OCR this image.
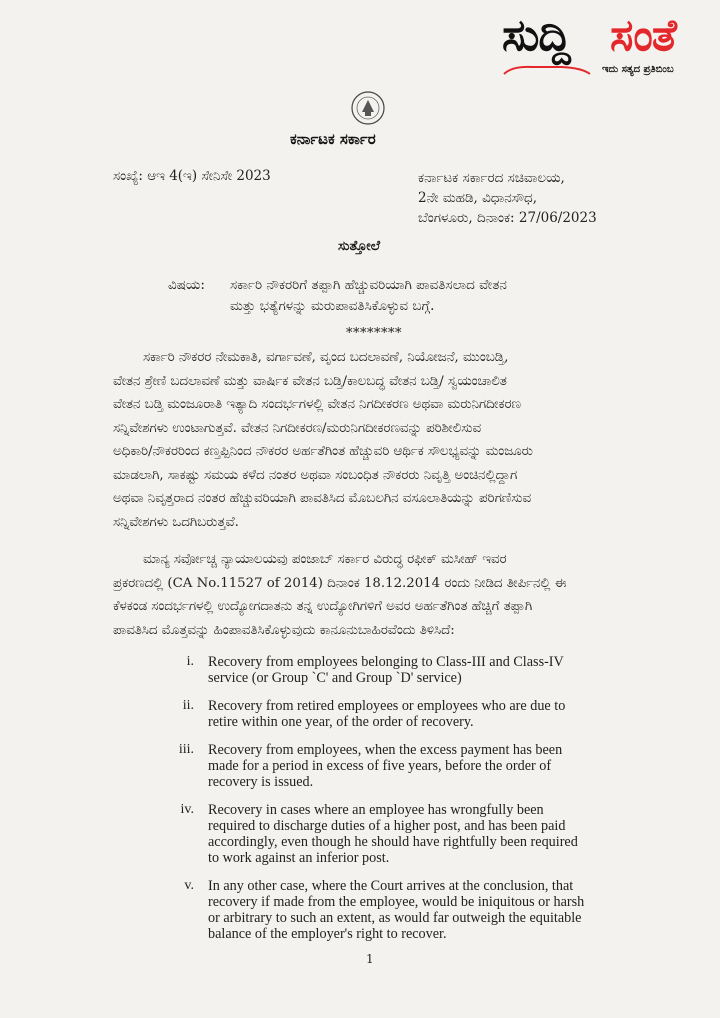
ಸುದ್ದಿ ಸಂತೆ
ಇದು ಸತ್ಯದ ಪ್ರತಿಬಿಂಬ
ಕರ್ನಾಟಕ ಸರ್ಕಾರ
ಸಂಖ್ಯೆ: ಆಇ 4(ಇ) ಸೇನಿಸೇ 2023	ಕರ್ನಾಟಕ ಸರ್ಕಾರದ ಸಚಿವಾಲಯ,
2ನೇ ಮಹಡಿ, ವಿಧಾನಸೌಧ,
ಬೆಂಗಳೂರು, ದಿನಾಂಕ: 27/06/2023
ಸುತ್ತೋಲೆ
ವಿಷಯ: ಸರ್ಕಾರಿ ನೌಕರರಿಗೆ ತಪ್ಪಾಗಿ ಹೆಚ್ಚುವರಿಯಾಗಿ ಪಾವತಿಸಲಾದ ವೇತನ
ಮತ್ತು ಭತ್ಯೆಗಳನ್ನು ಮರುಪಾವತಿಸಿಕೊಳ್ಳುವ ಬಗ್ಗೆ.
********
ಸರ್ಕಾರಿ ನೌಕರರ ನೇಮಕಾತಿ, ವರ್ಗಾವಣೆ, ವೃಂದ ಬದಲಾವಣೆ, ನಿಯೋಜನೆ, ಮುಂಬಡ್ತಿ,
ವೇತನ ಶ್ರೇಣಿ ಬದಲಾವಣೆ ಮತ್ತು ವಾರ್ಷಿಕ ವೇತನ ಬಡ್ತಿ/ಕಾಲಬದ್ಧ ವೇತನ ಬಡ್ತಿ/ ಸ್ವಯಂಚಾಲಿತ
ವೇತನ ಬಡ್ತಿ ಮಂಜೂರಾತಿ ಇತ್ಯಾದಿ ಸಂದರ್ಭಗಳಲ್ಲಿ ವೇತನ ನಿಗದೀಕರಣ ಅಥವಾ ಮರುನಿಗದೀಕರಣ
ಸನ್ನಿವೇಶಗಳು ಉಂಟಾಗುತ್ತವೆ. ವೇತನ ನಿಗದೀಕರಣ/ಮರುನಿಗದೀಕರಣವನ್ನು ಪರಿಶೀಲಿಸುವ
ಅಧಿಕಾರಿ/ನೌಕರರಿಂದ ಕಣ್ತಪ್ಪಿನಿಂದ ನೌಕರರ ಅರ್ಹತೆಗಿಂತ ಹೆಚ್ಚುವರಿ ಆರ್ಥಿಕ ಸೌಲಭ್ಯವನ್ನು ಮಂಜೂರು
ಮಾಡಲಾಗಿ, ಸಾಕಷ್ಟು ಸಮಯ ಕಳೆದ ನಂತರ ಅಥವಾ ಸಂಬಂಧಿತ ನೌಕರರು ನಿವೃತ್ತಿ ಅಂಚಿನಲ್ಲಿದ್ದಾಗ
ಅಥವಾ ನಿವೃತ್ತರಾದ ನಂತರ ಹೆಚ್ಚುವರಿಯಾಗಿ ಪಾವತಿಸಿದ ಮೊಬಲಗಿನ ವಸೂಲಾತಿಯನ್ನು ಪರಿಗಣಿಸುವ
ಸನ್ನಿವೇಶಗಳು ಒದಗಿಬರುತ್ತವೆ.
ಮಾನ್ಯ ಸರ್ವೋಚ್ಚ ನ್ಯಾಯಾಲಯವು ಪಂಜಾಬ್ ಸರ್ಕಾರ ವಿರುದ್ಧ ರಫೀಕ್ ಮಸೀಹ್ ಇವರ
ಪ್ರಕರಣದಲ್ಲಿ (CA No.11527 of 2014) ದಿನಾಂಕ 18.12.2014 ರಂದು ನೀಡಿದ ತೀರ್ಪಿನಲ್ಲಿ ಈ
ಕೆಳಕಂಡ ಸಂದರ್ಭಗಳಲ್ಲಿ ಉದ್ಯೋಗದಾತನು ತನ್ನ ಉದ್ಯೋಗಿಗಳಿಗೆ ಅವರ ಅರ್ಹತೆಗಿಂತ ಹೆಚ್ಚಿಗೆ ತಪ್ಪಾಗಿ
ಪಾವತಿಸಿದ ಮೊತ್ತವನ್ನು ಹಿಂಪಾವತಿಸಿಕೊಳ್ಳುವುದು ಕಾನೂನುಬಾಹಿರವೆಂದು ತಿಳಿಸಿದೆ:
i. Recovery from employees belonging to Class-III and Class-IV
service (or Group `C' and Group `D' service)
ii. Recovery from retired employees or employees who are due to
retire within one year, of the order of recovery.
iii. Recovery from employees, when the excess payment has been
made for a period in excess of five years, before the order of
recovery is issued.
iv. Recovery in cases where an employee has wrongfully been
required to discharge duties of a higher post, and has been paid
accordingly, even though he should have rightfully been required
to work against an inferior post.
v. In any other case, where the Court arrives at the conclusion, that
recovery if made from the employee, would be iniquitous or harsh
or arbitrary to such an extent, as would far outweigh the equitable
balance of the employer's right to recover.
1
